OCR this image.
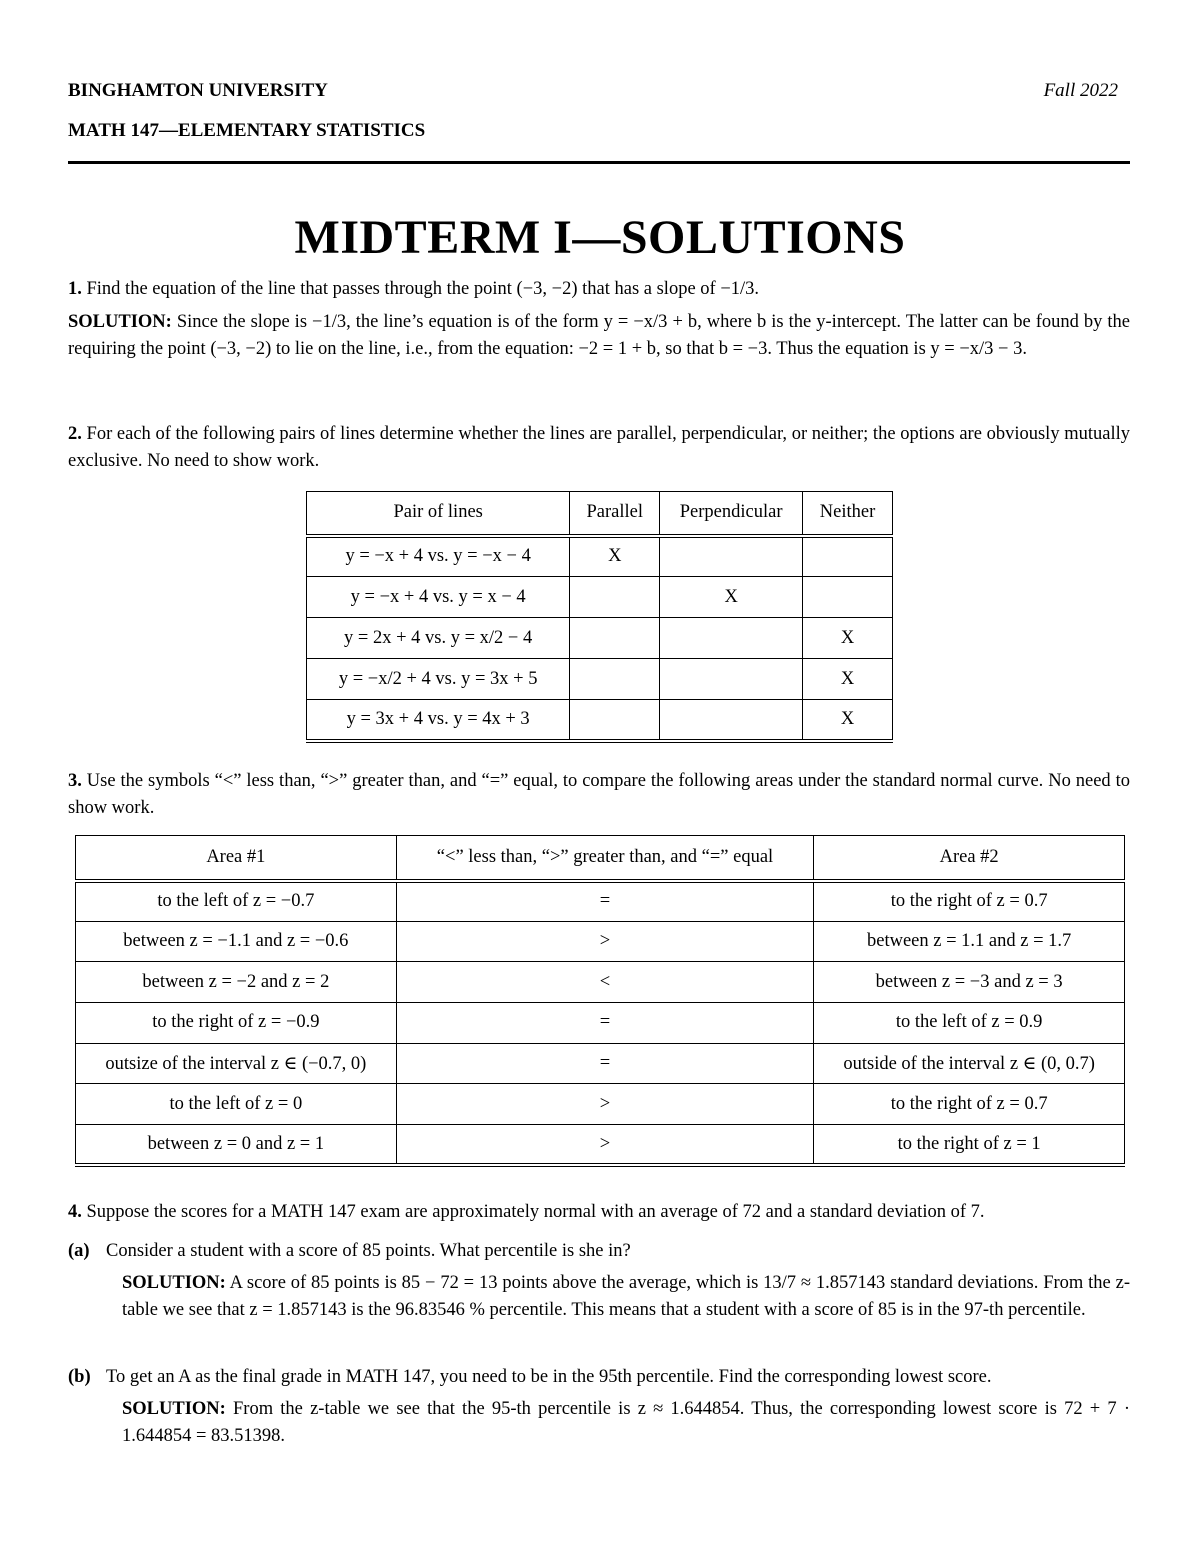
BINGHAMTON UNIVERSITY	Fall 2022
MATH 147—ELEMENTARY STATISTICS
MIDTERM I—SOLUTIONS
1. Find the equation of the line that passes through the point (−3, −2) that has a slope of −1/3.
SOLUTION: Since the slope is −1/3, the line’s equation is of the form y = −x/3 + b, where b is the y-intercept. The latter can be found by the requiring the point (−3, −2) to lie on the line, i.e., from the equation: −2 = 1 + b, so that b = −3. Thus the equation is y = −x/3 − 3.
2. For each of the following pairs of lines determine whether the lines are parallel, perpendicular, or neither; the options are obviously mutually exclusive. No need to show work.
Pair of lines	Parallel	Perpendicular	Neither
y = −x + 4 vs. y = −x − 4	X		
y = −x + 4 vs. y = x − 4		X	
y = 2x + 4 vs. y = x/2 − 4			X
y = −x/2 + 4 vs. y = 3x + 5			X
y = 3x + 4 vs. y = 4x + 3			X
3. Use the symbols “<” less than, “>” greater than, and “=” equal, to compare the following areas under the standard normal curve. No need to show work.
Area #1	“<” less than, “>” greater than, and “=” equal	Area #2
to the left of z = −0.7	=	to the right of z = 0.7
between z = −1.1 and z = −0.6	>	between z = 1.1 and z = 1.7
between z = −2 and z = 2	<	between z = −3 and z = 3
to the right of z = −0.9	=	to the left of z = 0.9
outsize of the interval z ∈ (−0.7, 0)	=	outside of the interval z ∈ (0, 0.7)
to the left of z = 0	>	to the right of z = 0.7
between z = 0 and z = 1	>	to the right of z = 1
4. Suppose the scores for a MATH 147 exam are approximately normal with an average of 72 and a standard deviation of 7.
(a) Consider a student with a score of 85 points. What percentile is she in?
SOLUTION: A score of 85 points is 85 − 72 = 13 points above the average, which is 13/7 ≈ 1.857143 standard deviations. From the z-table we see that z = 1.857143 is the 96.83546 % percentile. This means that a student with a score of 85 is in the 97-th percentile.
(b) To get an A as the final grade in MATH 147, you need to be in the 95th percentile. Find the corresponding lowest score.
SOLUTION: From the z-table we see that the 95-th percentile is z ≈ 1.644854. Thus, the corresponding lowest score is 72 + 7 · 1.644854 = 83.51398.
